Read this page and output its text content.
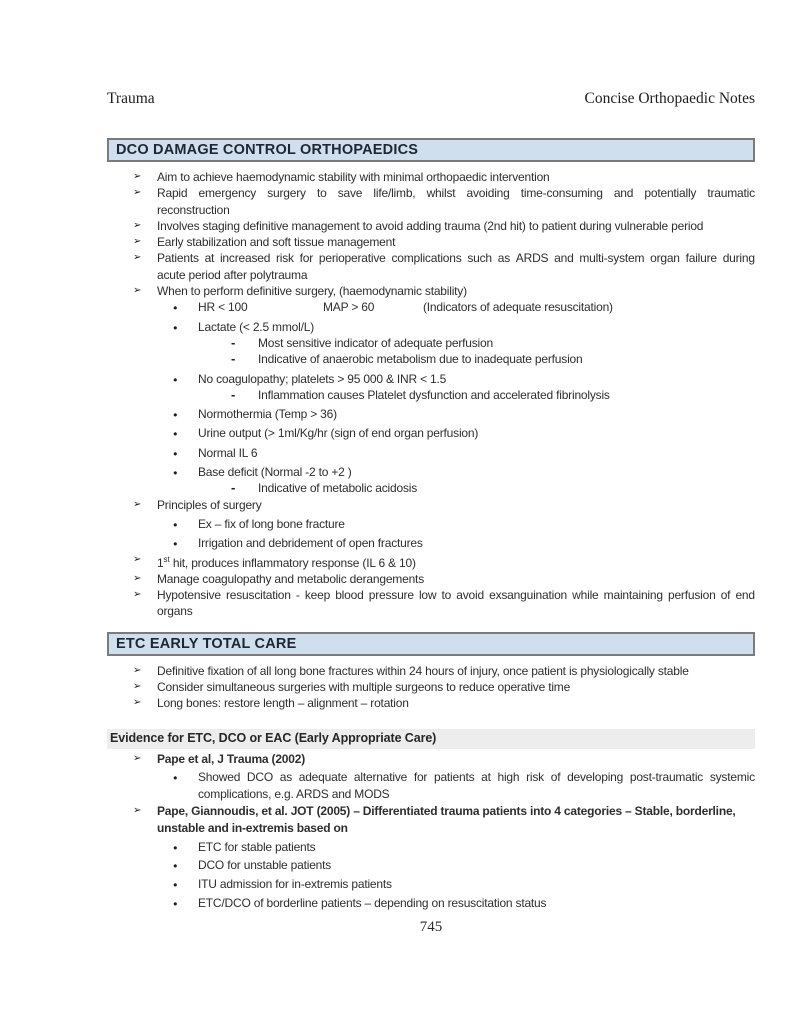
Trauma	Concise Orthopaedic Notes
DCO DAMAGE CONTROL ORTHOPAEDICS
➢ Aim to achieve haemodynamic stability with minimal orthopaedic intervention
➢ Rapid emergency surgery to save life/limb, whilst avoiding time-consuming and potentially traumatic
reconstruction
➢ Involves staging definitive management to avoid adding trauma (2nd hit) to patient during vulnerable period
➢ Early stabilization and soft tissue management
➢ Patients at increased risk for perioperative complications such as ARDS and multi-system organ failure during
acute period after polytrauma
➢ When to perform definitive surgery, (haemodynamic stability)
● HR < 100	MAP > 60	(Indicators of adequate resuscitation)
● Lactate (< 2.5 mmol/L)
- Most sensitive indicator of adequate perfusion
- Indicative of anaerobic metabolism due to inadequate perfusion
● No coagulopathy; platelets > 95 000 & INR < 1.5
- Inflammation causes Platelet dysfunction and accelerated fibrinolysis
● Normothermia (Temp > 36)
● Urine output (> 1ml/Kg/hr (sign of end organ perfusion)
● Normal IL 6
● Base deficit (Normal -2 to +2 )
- Indicative of metabolic acidosis
➢ Principles of surgery
● Ex – fix of long bone fracture
● Irrigation and debridement of open fractures
➢ 1st hit, produces inflammatory response (IL 6 & 10)
➢ Manage coagulopathy and metabolic derangements
➢ Hypotensive resuscitation - keep blood pressure low to avoid exsanguination while maintaining perfusion of end
organs
ETC EARLY TOTAL CARE
➢ Definitive fixation of all long bone fractures within 24 hours of injury, once patient is physiologically stable
➢ Consider simultaneous surgeries with multiple surgeons to reduce operative time
➢ Long bones: restore length – alignment – rotation
Evidence for ETC, DCO or EAC (Early Appropriate Care)
➢ Pape et al, J Trauma (2002)
● Showed DCO as adequate alternative for patients at high risk of developing post-traumatic systemic
complications, e.g. ARDS and MODS
➢ Pape, Giannoudis, et al. JOT (2005) – Differentiated trauma patients into 4 categories – Stable, borderline,
unstable and in-extremis based on
● ETC for stable patients
● DCO for unstable patients
● ITU admission for in-extremis patients
● ETC/DCO of borderline patients – depending on resuscitation status
745
